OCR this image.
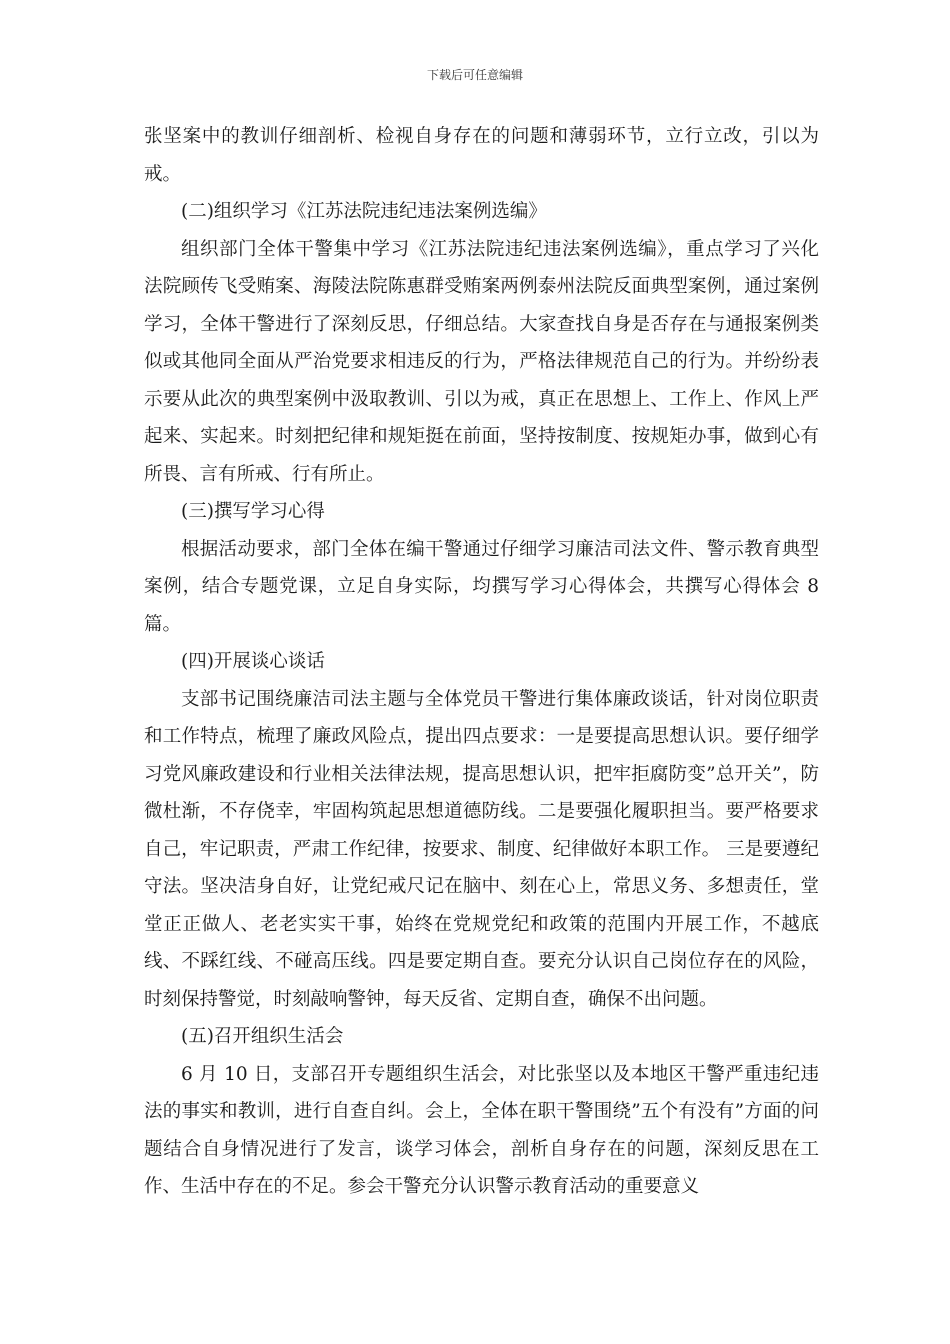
下载后可任意编辑

张坚案中的教训仔细剖析、检视自身存在的问题和薄弱环节，立行立改，引以为戒。

(二)组织学习《江苏法院违纪违法案例选编》

组织部门全体干警集中学习《江苏法院违纪违法案例选编》，重点学习了兴化法院顾传飞受贿案、海陵法院陈惠群受贿案两例泰州法院反面典型案例，通过案例学习，全体干警进行了深刻反思，仔细总结。大家查找自身是否存在与通报案例类似或其他同全面从严治党要求相违反的行为，严格法律规范自己的行为。并纷纷表示要从此次的典型案例中汲取教训、引以为戒，真正在思想上、工作上、作风上严起来、实起来。时刻把纪律和规矩挺在前面，坚持按制度、按规矩办事，做到心有所畏、言有所戒、行有所止。

(三)撰写学习心得

根据活动要求，部门全体在编干警通过仔细学习廉洁司法文件、警示教育典型案例，结合专题党课，立足自身实际，均撰写学习心得体会，共撰写心得体会 8 篇。

(四)开展谈心谈话

支部书记围绕廉洁司法主题与全体党员干警进行集体廉政谈话，针对岗位职责和工作特点，梳理了廉政风险点，提出四点要求：一是要提高思想认识。要仔细学习党风廉政建设和行业相关法律法规，提高思想认识，把牢拒腐防变”总开关”，防微杜渐，不存侥幸，牢固构筑起思想道德防线。二是要强化履职担当。要严格要求自己，牢记职责，严肃工作纪律，按要求、制度、纪律做好本职工作。 三是要遵纪守法。坚决洁身自好，让党纪戒尺记在脑中、刻在心上，常思义务、多想责任，堂堂正正做人、老老实实干事，始终在党规党纪和政策的范围内开展工作，不越底线、不踩红线、不碰高压线。四是要定期自查。要充分认识自己岗位存在的风险，时刻保持警觉，时刻敲响警钟，每天反省、定期自查，确保不出问题。

(五)召开组织生活会

6 月 10 日，支部召开专题组织生活会，对比张坚以及本地区干警严重违纪违法的事实和教训，进行自查自纠。会上，全体在职干警围绕”五个有没有”方面的问题结合自身情况进行了发言，谈学习体会，剖析自身存在的问题，深刻反思在工作、生活中存在的不足。参会干警充分认识警示教育活动的重要意义
